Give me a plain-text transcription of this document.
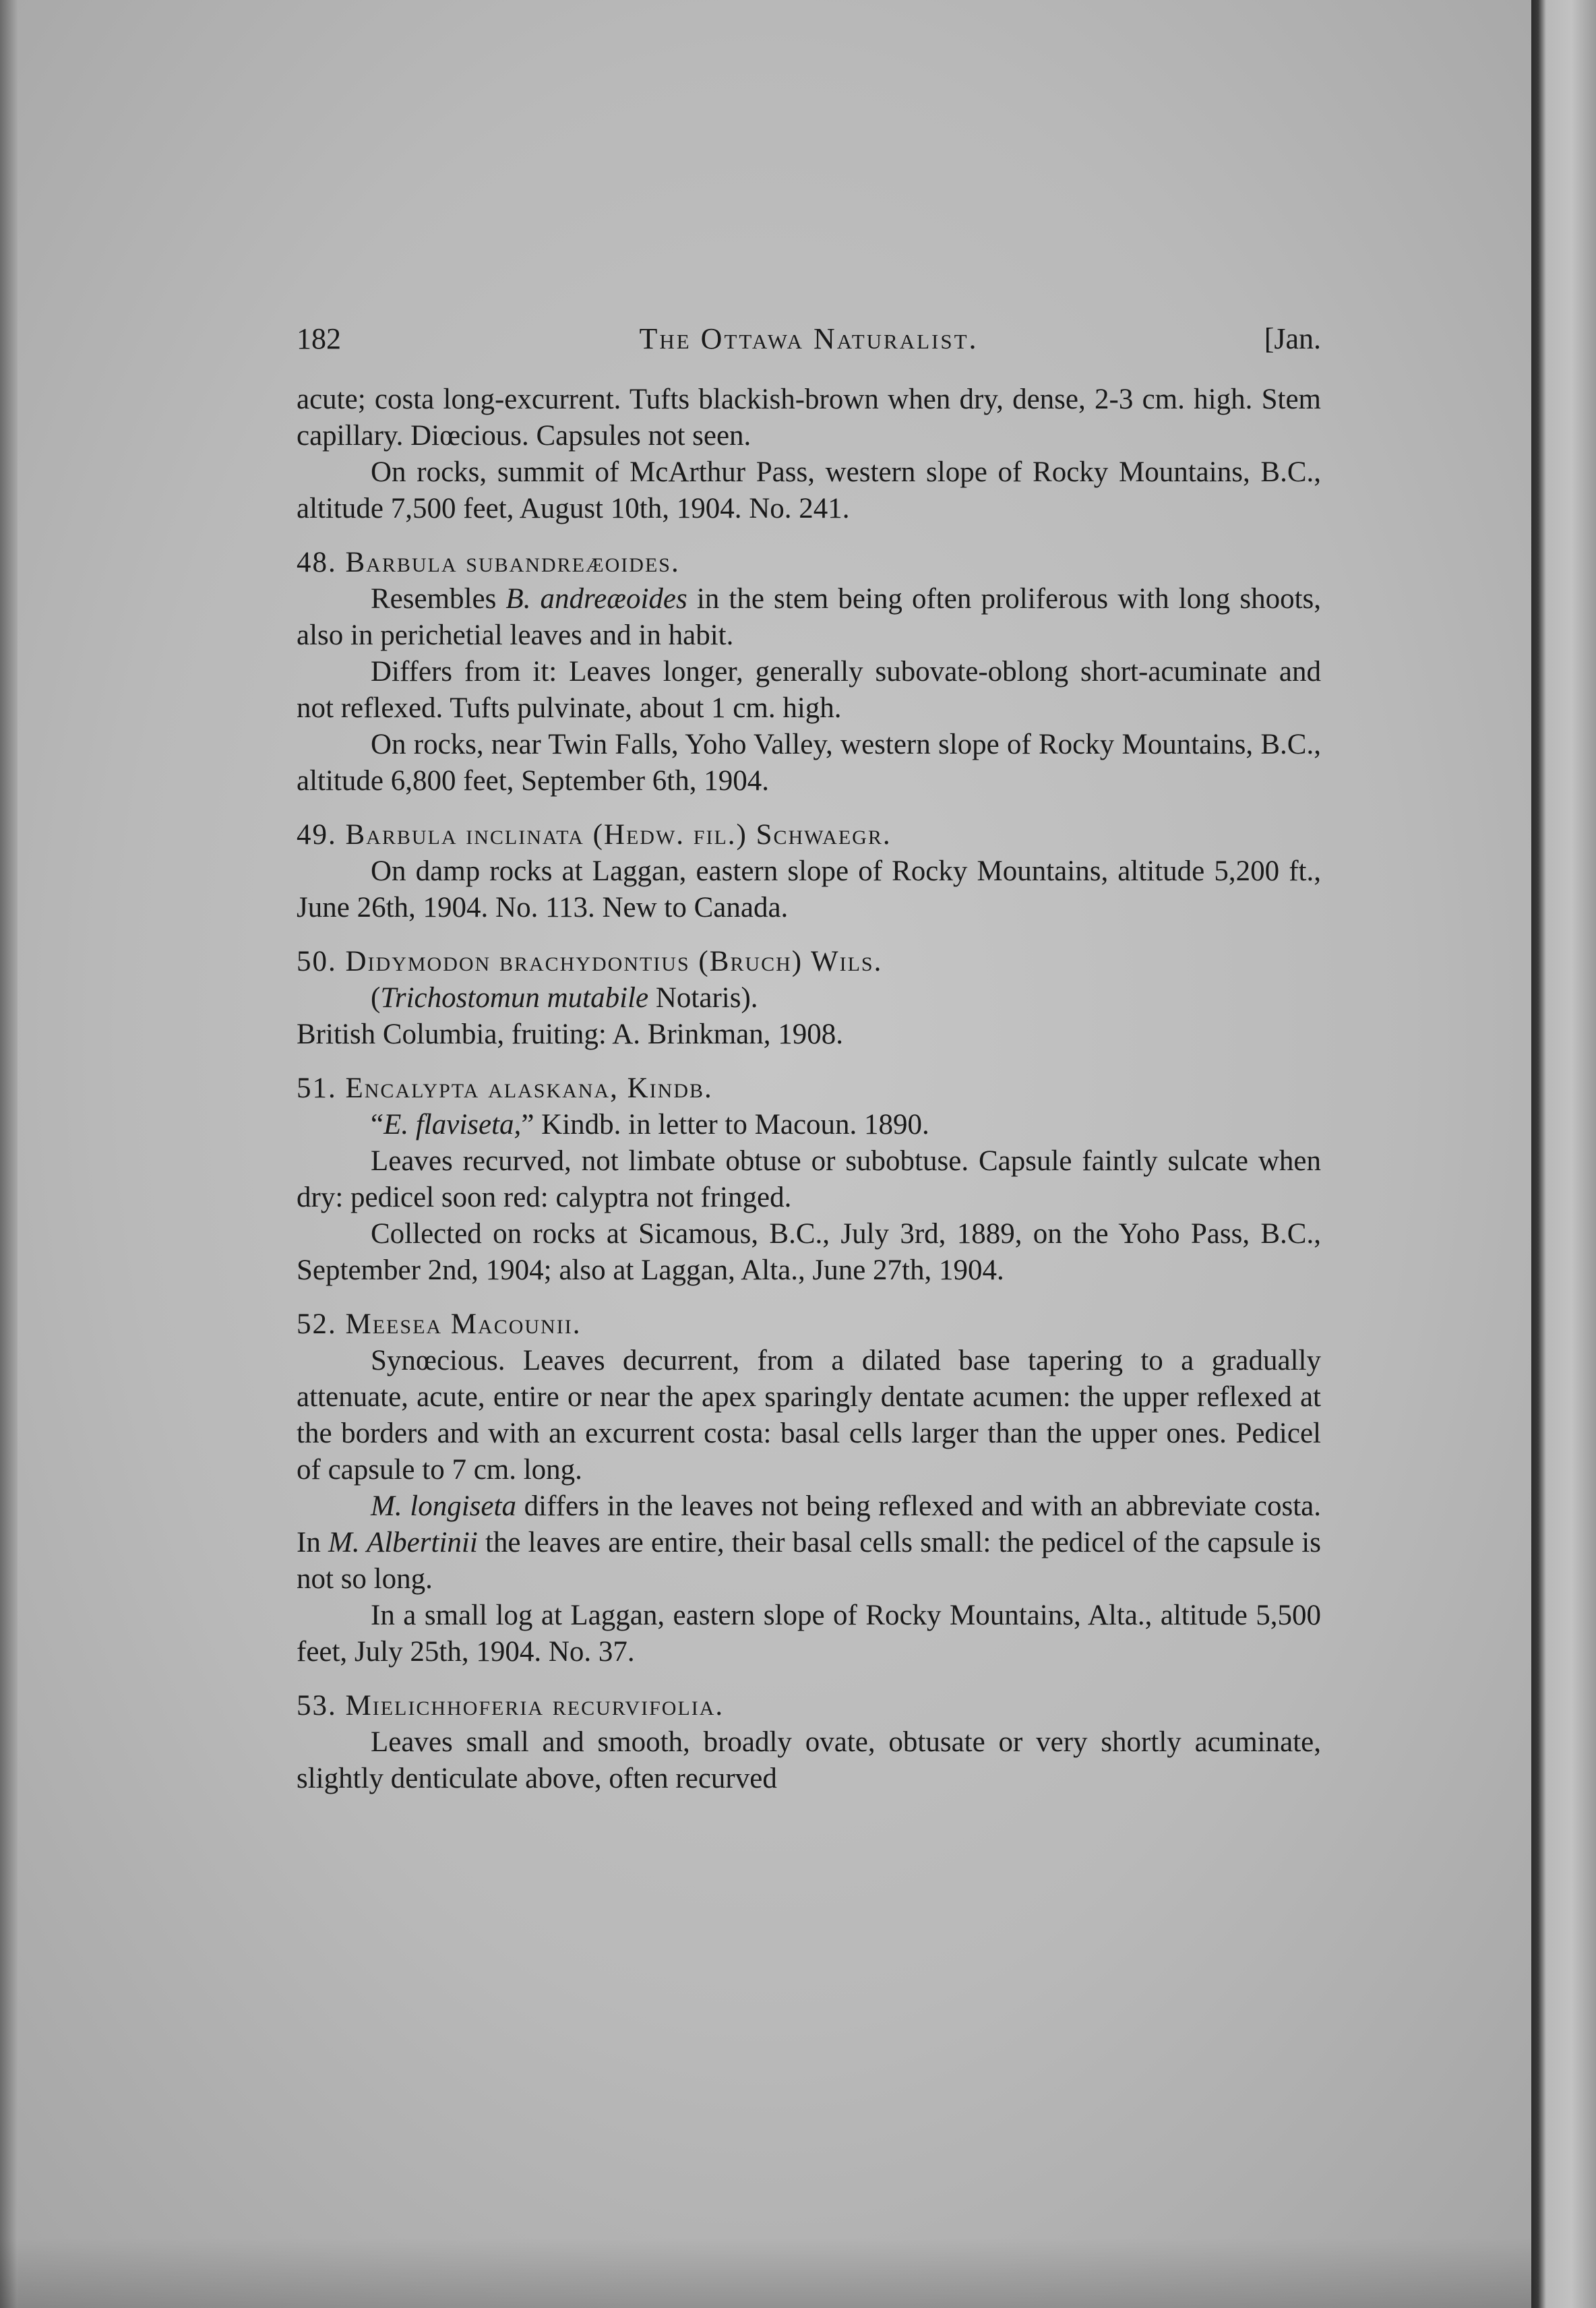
182	The Ottawa Naturalist.	[Jan.

acute; costa long-excurrent. Tufts blackish-brown when dry, dense, 2-3 cm. high. Stem capillary. Diœcious. Capsules not seen.

On rocks, summit of McArthur Pass, western slope of Rocky Mountains, B.C., altitude 7,500 feet, August 10th, 1904. No. 241.

48. Barbula subandreæoides.

Resembles B. andreæoides in the stem being often proliferous with long shoots, also in perichetial leaves and in habit.

Differs from it: Leaves longer, generally subovate-oblong short-acuminate and not reflexed. Tufts pulvinate, about 1 cm. high.

On rocks, near Twin Falls, Yoho Valley, western slope of Rocky Mountains, B.C., altitude 6,800 feet, September 6th, 1904.

49. Barbula inclinata (Hedw. fil.) Schwaegr.

On damp rocks at Laggan, eastern slope of Rocky Mountains, altitude 5,200 ft., June 26th, 1904. No. 113. New to Canada.

50. Didymodon brachydontius (Bruch) Wils.

(Trichostomun mutabile Notaris).

British Columbia, fruiting: A. Brinkman, 1908.

51. Encalypta alaskana, Kindb.

“E. flaviseta,” Kindb. in letter to Macoun. 1890.

Leaves recurved, not limbate obtuse or subobtuse. Capsule faintly sulcate when dry: pedicel soon red: calyptra not fringed.

Collected on rocks at Sicamous, B.C., July 3rd, 1889, on the Yoho Pass, B.C., September 2nd, 1904; also at Laggan, Alta., June 27th, 1904.

52. Meesea Macounii.

Synœcious. Leaves decurrent, from a dilated base tapering to a gradually attenuate, acute, entire or near the apex sparingly dentate acumen: the upper reflexed at the borders and with an excurrent costa: basal cells larger than the upper ones. Pedicel of capsule to 7 cm. long.

M. longiseta differs in the leaves not being reflexed and with an abbreviate costa. In M. Albertinii the leaves are entire, their basal cells small: the pedicel of the capsule is not so long.

In a small log at Laggan, eastern slope of Rocky Mountains, Alta., altitude 5,500 feet, July 25th, 1904. No. 37.

53. Mielichhoferia recurvifolia.

Leaves small and smooth, broadly ovate, obtusate or very shortly acuminate, slightly denticulate above, often recurved
